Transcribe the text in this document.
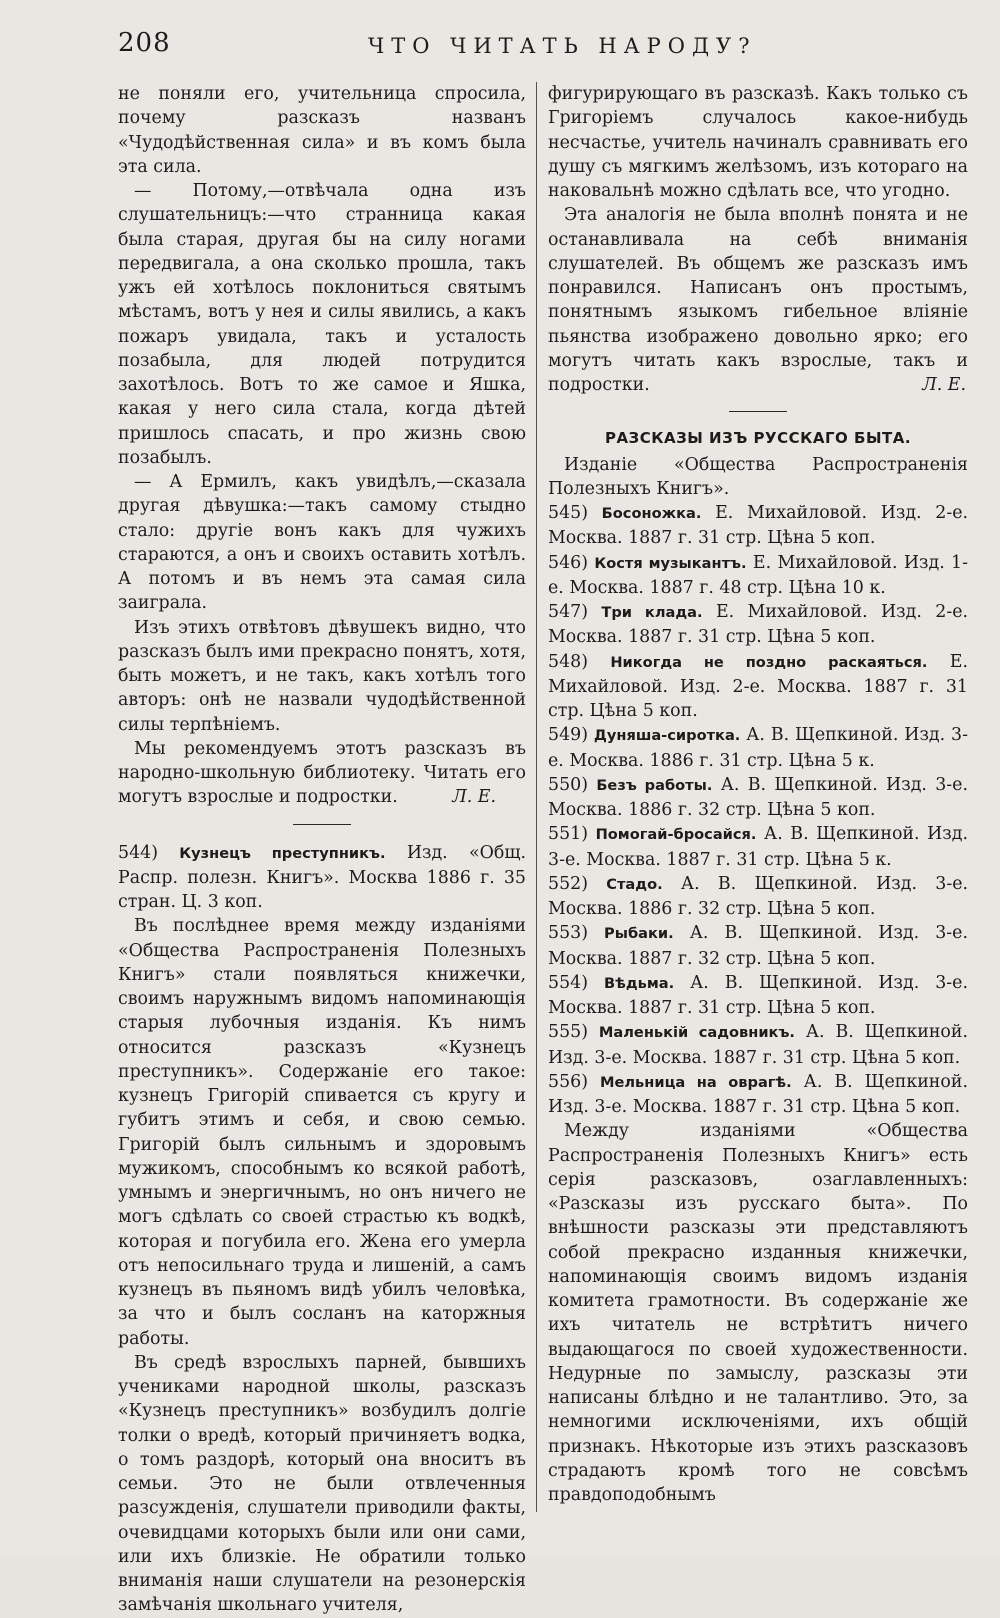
208	ЧТО ЧИТАТЬ НАРОДУ?

не поняли его, учительница спросила, почему разсказъ названъ «Чудодѣйственная сила» и въ комъ была эта сила.

— Потому,—отвѣчала одна изъ слушательницъ:—что странница какая была старая, другая бы на силу ногами передвигала, а она сколько прошла, такъ ужъ ей хотѣлось поклониться святымъ мѣстамъ, вотъ у нея и силы явились, а какъ пожаръ увидала, такъ и усталость позабыла, для людей потрудится захотѣлось. Вотъ то же самое и Яшка, какая у него сила стала, когда дѣтей пришлось спасать, и про жизнь свою позабылъ.

— А Ермилъ, какъ увидѣлъ,—сказала другая дѣвушка:—такъ самому стыдно стало: другіе вонъ какъ для чужихъ стараются, а онъ и своихъ оставить хотѣлъ. А потомъ и въ немъ эта самая сила заиграла.

Изъ этихъ отвѣтовъ дѣвушекъ видно, что разсказъ былъ ими прекрасно понятъ, хотя, быть можетъ, и не такъ, какъ хотѣлъ того авторъ: онѣ не назвали чудодѣйственной силы терпѣніемъ.

Мы рекомендуемъ этотъ разсказъ въ народно-школьную библиотеку. Читать его могутъ взрослые и подростки.	Л. Е.

544) Кузнецъ преступникъ. Изд. «Общ. Распр. полезн. Книгъ». Москва 1886 г. 35 стран. Ц. 3 коп.

Въ послѣднее время между изданіями «Общества Распространенія Полезныхъ Книгъ» стали появляться книжечки, своимъ наружнымъ видомъ напоминающія старыя лубочныя изданія. Къ нимъ относится разсказъ «Кузнецъ преступникъ». Содержаніе его такое: кузнецъ Григорій спивается съ кругу и губитъ этимъ и себя, и свою семью. Григорій былъ сильнымъ и здоровымъ мужикомъ, способнымъ ко всякой работѣ, умнымъ и энергичнымъ, но онъ ничего не могъ сдѣлать со своей страстью къ водкѣ, которая и погубила его. Жена его умерла отъ непосильнаго труда и лишеній, а самъ кузнецъ въ пьяномъ видѣ убилъ человѣка, за что и былъ сосланъ на каторжныя работы.

Въ средѣ взрослыхъ парней, бывшихъ учениками народной школы, разсказъ «Кузнецъ преступникъ» возбудилъ долгіе толки о вредѣ, который причиняетъ водка, о томъ раздорѣ, который она вноситъ въ семьи. Это не были отвлеченныя разсужденія, слушатели приводили факты, очевидцами которыхъ были или они сами, или ихъ близкіе. Не обратили только вниманія наши слушатели на резонерскія замѣчанія школьнаго учителя,

фигурирующаго въ разсказѣ. Какъ только съ Григоріемъ случалось какое-нибудь несчастье, учитель начиналъ сравнивать его душу съ мягкимъ желѣзомъ, изъ котораго на наковальнѣ можно сдѣлать все, что угодно.

Эта аналогія не была вполнѣ понята и не останавливала на себѣ вниманія слушателей. Въ общемъ же разсказъ имъ понравился. Написанъ онъ простымъ, понятнымъ языкомъ гибельное вліяніе пьянства изображено довольно ярко; его могутъ читать какъ взрослые, такъ и подростки.	Л. Е.

РАЗСКАЗЫ ИЗЪ РУССКАГО БЫТА.

Изданіе «Общества Распространенія Полезныхъ Книгъ».

545) Босоножка. Е. Михайловой. Изд. 2-е. Москва. 1887 г. 31 стр. Цѣна 5 коп.

546) Костя музыкантъ. Е. Михайловой. Изд. 1-е. Москва. 1887 г. 48 стр. Цѣна 10 к.

547) Три клада. Е. Михайловой. Изд. 2-е. Москва. 1887 г. 31 стр. Цѣна 5 коп.

548) Никогда не поздно раскаяться. Е. Михайловой. Изд. 2-е. Москва. 1887 г. 31 стр. Цѣна 5 коп.

549) Дуняша-сиротка. А. В. Щепкиной. Изд. 3-е. Москва. 1886 г. 31 стр. Цѣна 5 к.

550) Безъ работы. А. В. Щепкиной. Изд. 3-е. Москва. 1886 г. 32 стр. Цѣна 5 коп.

551) Помогай-бросайся. А. В. Щепкиной. Изд. 3-е. Москва. 1887 г. 31 стр. Цѣна 5 к.

552) Стадо. А. В. Щепкиной. Изд. 3-е. Москва. 1886 г. 32 стр. Цѣна 5 коп.

553) Рыбаки. А. В. Щепкиной. Изд. 3-е. Москва. 1887 г. 32 стр. Цѣна 5 коп.

554) Вѣдьма. А. В. Щепкиной. Изд. 3-е. Москва. 1887 г. 31 стр. Цѣна 5 коп.

555) Маленькій садовникъ. А. В. Щепкиной. Изд. 3-е. Москва. 1887 г. 31 стр. Цѣна 5 коп.

556) Мельница на оврагѣ. А. В. Щепкиной. Изд. 3-е. Москва. 1887 г. 31 стр. Цѣна 5 коп.

Между изданіями «Общества Распространенія Полезныхъ Книгъ» есть серія разсказовъ, озаглавленныхъ: «Разсказы изъ русскаго быта». По внѣшности разсказы эти представляютъ собой прекрасно изданныя книжечки, напоминающія своимъ видомъ изданія комитета грамотности. Въ содержаніе же ихъ читатель не встрѣтитъ ничего выдающагося по своей художественности. Недурные по замыслу, разсказы эти написаны блѣдно и не талантливо. Это, за немногими исключеніями, ихъ общій признакъ. Нѣкоторые изъ этихъ разсказовъ страдаютъ кромѣ того не совсѣмъ правдоподобнымъ
